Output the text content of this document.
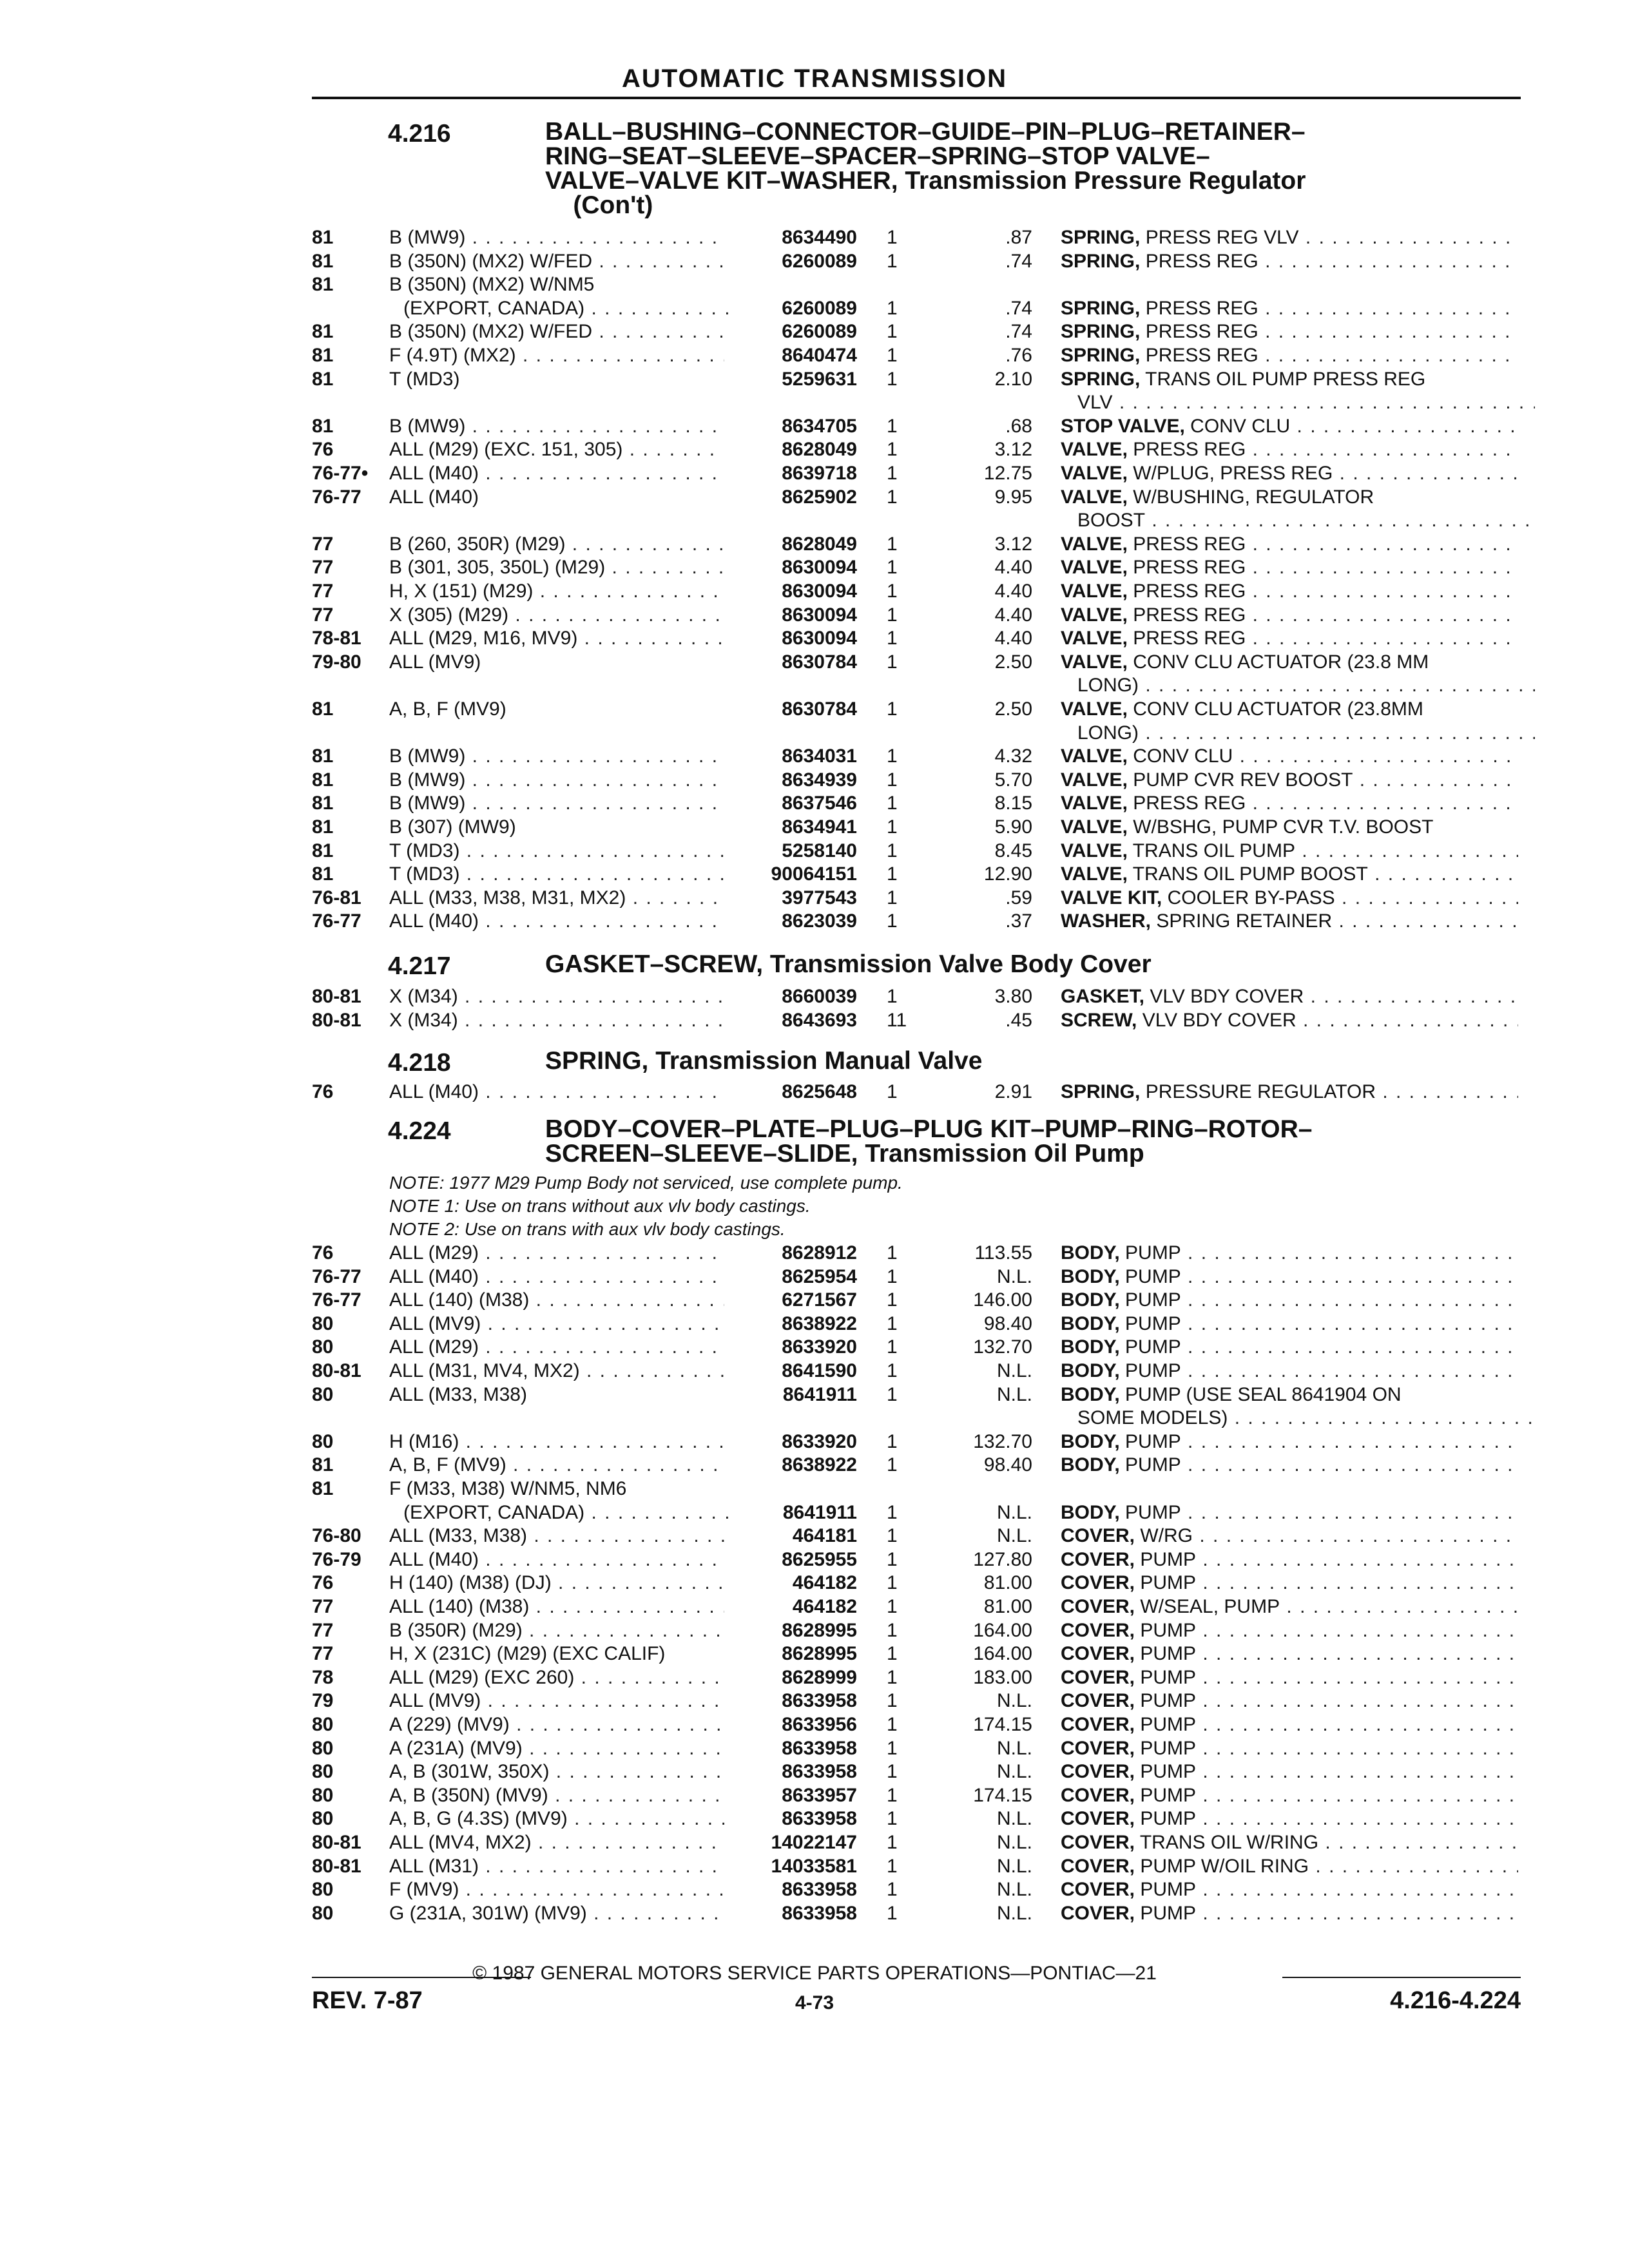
AUTOMATIC TRANSMISSION
4.216	BALL–BUSHING–CONNECTOR–GUIDE–PIN–PLUG–RETAINER–
RING–SEAT–SLEEVE–SPACER–SPRING–STOP VALVE–
VALVE–VALVE KIT–WASHER, Transmission Pressure Regulator
(Con't)
81	B (MW9) . . .	8634490 1	.87 SPRING, PRESS REG VLV . . .
81	B (350N) (MX2) W/FED . . .	6260089 1	.74 SPRING, PRESS REG . . .
81	B (350N) (MX2) W/NM5
(EXPORT, CANADA) . . .	6260089 1	.74 SPRING, PRESS REG . . .
81	B (350N) (MX2) W/FED . . .	6260089 1	.74 SPRING, PRESS REG . . .
81	F (4.9T) (MX2) . . .	8640474 1	.76 SPRING, PRESS REG . . .
81	T (MD3)	5259631 1	2.10 SPRING, TRANS OIL PUMP PRESS REG
VLV . . .
81	B (MW9) . . .	8634705 1	.68 STOP VALVE, CONV CLU . . .
76	ALL (M29) (EXC. 151, 305) . . .	8628049 1	3.12 VALVE, PRESS REG . . .
76-77• ALL (M40) . . .	8639718 1	12.75 VALVE, W/PLUG, PRESS REG . . .
76-77 ALL (M40)	8625902 1	9.95 VALVE, W/BUSHING, REGULATOR
BOOST . . .
77	B (260, 350R) (M29) . . .	8628049 1	3.12 VALVE, PRESS REG . . .
77	B (301, 305, 350L) (M29) . . .	8630094 1	4.40 VALVE, PRESS REG . . .
77	H, X (151) (M29) . . .	8630094 1	4.40 VALVE, PRESS REG . . .
77	X (305) (M29) . . .	8630094 1	4.40 VALVE, PRESS REG . . .
78-81 ALL (M29, M16, MV9) . . .	8630094 1	4.40 VALVE, PRESS REG . . .
79-80 ALL (MV9)	8630784 1	2.50 VALVE, CONV CLU ACTUATOR (23.8 MM
LONG) . . .
81	A, B, F (MV9)	8630784 1	2.50 VALVE, CONV CLU ACTUATOR (23.8MM
LONG) . . .
81	B (MW9) . . .	8634031 1	4.32 VALVE, CONV CLU . . .
81	B (MW9) . . .	8634939 1	5.70 VALVE, PUMP CVR REV BOOST . . .
81	B (MW9) . . .	8637546 1	8.15 VALVE, PRESS REG . . .
81	B (307) (MW9)	8634941 1	5.90 VALVE, W/BSHG, PUMP CVR T.V. BOOST
81	T (MD3) . . .	5258140 1	8.45 VALVE, TRANS OIL PUMP . . .
81	T (MD3) . . .	90064151 1	12.90 VALVE, TRANS OIL PUMP BOOST . . .
76-81 ALL (M33, M38, M31, MX2) . . .	3977543 1	.59 VALVE KIT, COOLER BY-PASS . . .
76-77 ALL (M40) . . .	8623039 1	.37 WASHER, SPRING RETAINER . . .
4.217	GASKET–SCREW, Transmission Valve Body Cover
80-81 X (M34) . . .	8660039 1	3.80 GASKET, VLV BDY COVER . . .
80-81 X (M34) . . .	8643693 11	.45 SCREW, VLV BDY COVER . . .
4.218	SPRING, Transmission Manual Valve
76	ALL (M40) . . .	8625648 1	2.91 SPRING, PRESSURE REGULATOR . . .
4.224	BODY–COVER–PLATE–PLUG–PLUG KIT–PUMP–RING–ROTOR–
SCREEN–SLEEVE–SLIDE, Transmission Oil Pump
NOTE: 1977 M29 Pump Body not serviced, use complete pump.
NOTE 1: Use on trans without aux vlv body castings.
NOTE 2: Use on trans with aux vlv body castings.
76	ALL (M29) . . .	8628912 1	113.55 BODY, PUMP . . .
76-77 ALL (M40) . . .	8625954 1	N.L. BODY, PUMP . . .
76-77 ALL (140) (M38) . . .	6271567 1	146.00 BODY, PUMP . . .
80	ALL (MV9) . . .	8638922 1	98.40 BODY, PUMP . . .
80	ALL (M29) . . .	8633920 1	132.70 BODY, PUMP . . .
80-81 ALL (M31, MV4, MX2) . . .	8641590 1	N.L. BODY, PUMP . . .
80	ALL (M33, M38)	8641911 1	N.L. BODY, PUMP (USE SEAL 8641904 ON
SOME MODELS) . . .
80	H (M16) . . .	8633920 1	132.70 BODY, PUMP . . .
81	A, B, F (MV9) . . .	8638922 1	98.40 BODY, PUMP . . .
81	F (M33, M38) W/NM5, NM6
(EXPORT, CANADA) . . .	8641911 1	N.L. BODY, PUMP . . .
76-80 ALL (M33, M38) . . .	464181 1	N.L. COVER, W/RG . . .
76-79 ALL (M40) . . .	8625955 1	127.80 COVER, PUMP . . .
76	H (140) (M38) (DJ) . . .	464182 1	81.00 COVER, PUMP . . .
77	ALL (140) (M38) . . .	464182 1	81.00 COVER, W/SEAL, PUMP . . .
77	B (350R) (M29) . . .	8628995 1	164.00 COVER, PUMP . . .
77	H, X (231C) (M29) (EXC CALIF)	8628995 1	164.00 COVER, PUMP . . .
78	ALL (M29) (EXC 260) . . .	8628999 1	183.00 COVER, PUMP . . .
79	ALL (MV9) . . .	8633958 1	N.L. COVER, PUMP . . .
80	A (229) (MV9) . . .	8633956 1	174.15 COVER, PUMP . . .
80	A (231A) (MV9) . . .	8633958 1	N.L. COVER, PUMP . . .
80	A, B (301W, 350X) . . .	8633958 1	N.L. COVER, PUMP . . .
80	A, B (350N) (MV9) . . .	8633957 1	174.15 COVER, PUMP . . .
80	A, B, G (4.3S) (MV9) . . .	8633958 1	N.L. COVER, PUMP . . .
80-81 ALL (MV4, MX2) . . .	14022147 1	N.L. COVER, TRANS OIL W/RING . . .
80-81 ALL (M31) . . .	14033581 1	N.L. COVER, PUMP W/OIL RING . . .
80	F (MV9) . . .	8633958 1	N.L. COVER, PUMP . . .
80	G (231A, 301W) (MV9) . . .	8633958 1	N.L. COVER, PUMP . . .
© 1987 GENERAL MOTORS SERVICE PARTS OPERATIONS—PONTIAC—21
REV. 7-87	4-73	4.216-4.224
